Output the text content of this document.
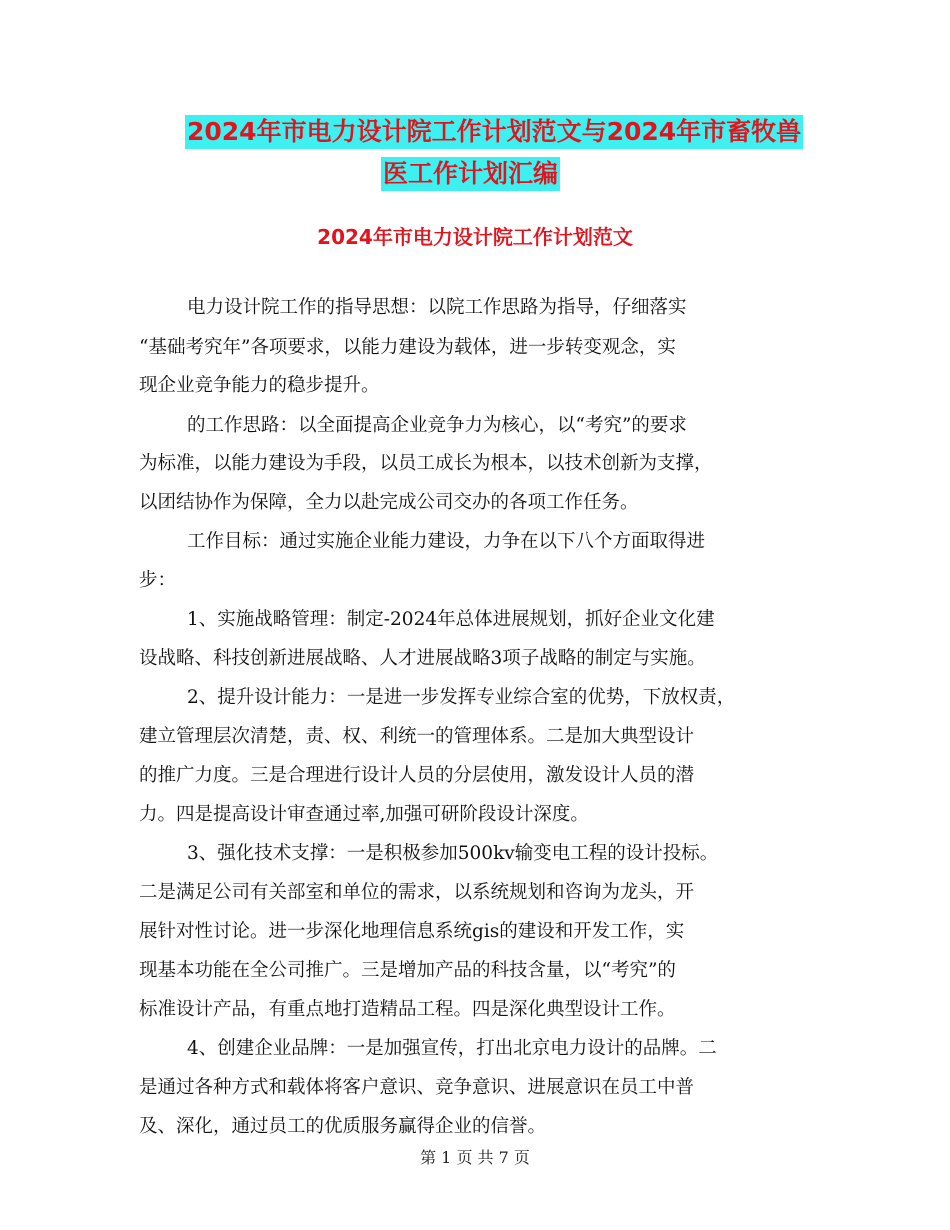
2024年市电力设计院工作计划范文与2024年市畜牧兽
医工作计划汇编
2024年市电力设计院工作计划范文
电力设计院工作的指导思想：以院工作思路为指导，仔细落实
“基础考究年”各项要求，以能力建设为载体，进一步转变观念，实
现企业竞争能力的稳步提升。
的工作思路：以全面提高企业竞争力为核心，以“考究”的要求
为标准，以能力建设为手段，以员工成长为根本，以技术创新为支撑，
以团结协作为保障，全力以赴完成公司交办的各项工作任务。
工作目标：通过实施企业能力建设，力争在以下八个方面取得进
步：
1、实施战略管理：制定-2024年总体进展规划，抓好企业文化建
设战略、科技创新进展战略、人才进展战略3项子战略的制定与实施。
2、提升设计能力：一是进一步发挥专业综合室的优势，下放权责，
建立管理层次清楚，责、权、利统一的管理体系。二是加大典型设计
的推广力度。三是合理进行设计人员的分层使用，激发设计人员的潜
力。四是提高设计审查通过率,加强可研阶段设计深度。
3、强化技术支撑：一是积极参加500kv输变电工程的设计投标。
二是满足公司有关部室和单位的需求，以系统规划和咨询为龙头，开
展针对性讨论。进一步深化地理信息系统gis的建设和开发工作，实
现基本功能在全公司推广。三是增加产品的科技含量，以“考究”的
标准设计产品，有重点地打造精品工程。四是深化典型设计工作。
4、创建企业品牌：一是加强宣传，打出北京电力设计的品牌。二
是通过各种方式和载体将客户意识、竞争意识、进展意识在员工中普
及、深化，通过员工的优质服务赢得企业的信誉。
第 1 页 共 7 页
